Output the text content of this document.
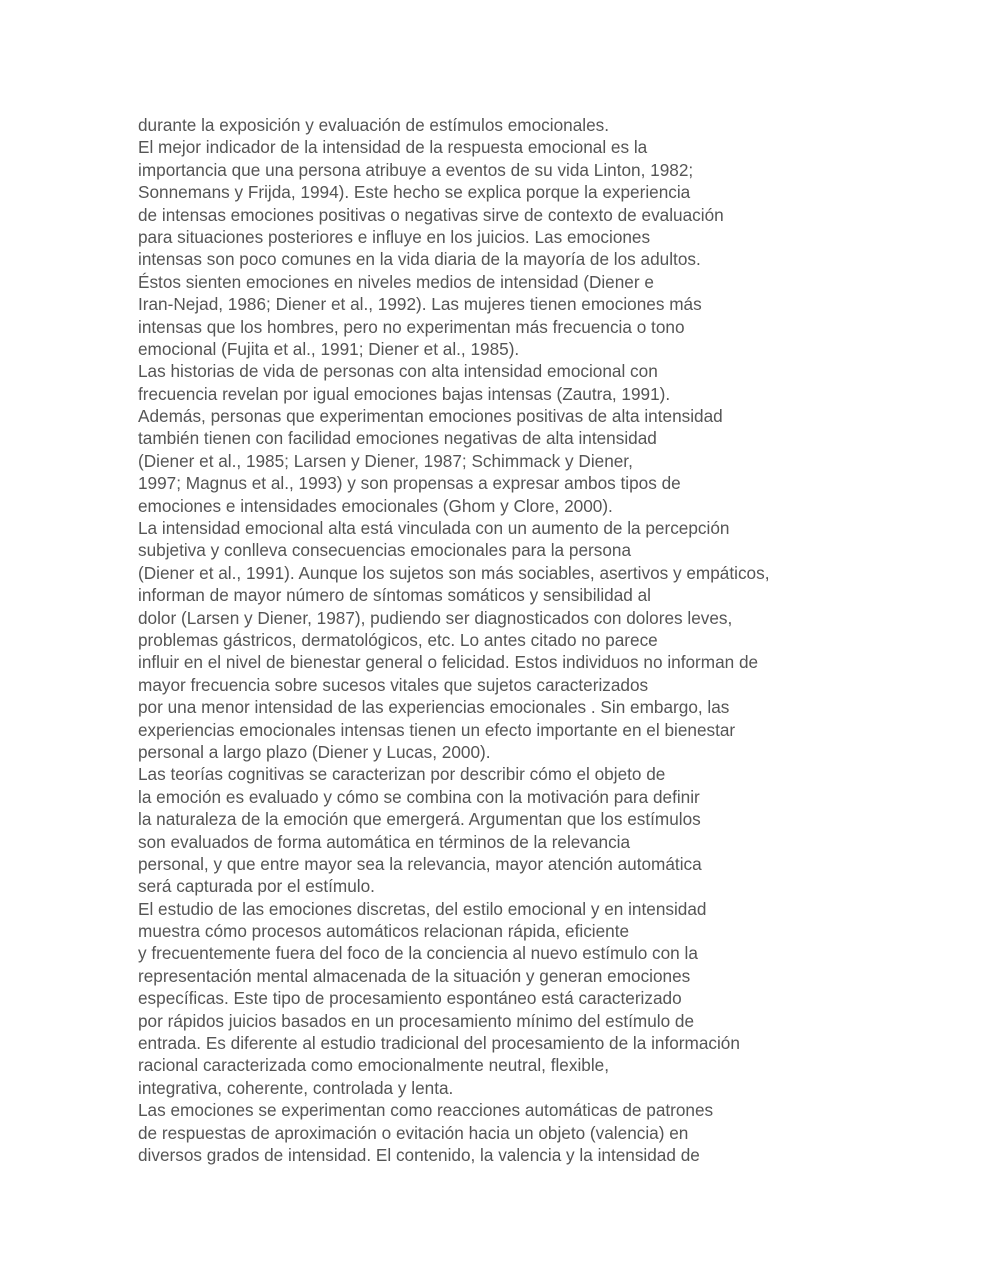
durante la exposición y evaluación de estímulos emocionales.
El mejor indicador de la intensidad de la respuesta emocional es la
importancia que una persona atribuye a eventos de su vida Linton, 1982;
Sonnemans y Frijda, 1994). Este hecho se explica porque la experiencia
de intensas emociones positivas o negativas sirve de contexto de evaluación
para situaciones posteriores e influye en los juicios. Las emociones
intensas son poco comunes en la vida diaria de la mayoría de los adultos.
Éstos sienten emociones en niveles medios de intensidad (Diener e
Iran-Nejad, 1986; Diener et al., 1992). Las mujeres tienen emociones más
intensas que los hombres, pero no experimentan más frecuencia o tono
emocional (Fujita et al., 1991; Diener et al., 1985).
Las historias de vida de personas con alta intensidad emocional con
frecuencia revelan por igual emociones bajas intensas (Zautra, 1991).
Además, personas que experimentan emociones positivas de alta intensidad
también tienen con facilidad emociones negativas de alta intensidad
(Diener et al., 1985; Larsen y Diener, 1987; Schimmack y Diener,
1997; Magnus et al., 1993) y son propensas a expresar ambos tipos de
emociones e intensidades emocionales (Ghom y Clore, 2000).
La intensidad emocional alta está vinculada con un aumento de la percepción
subjetiva y conlleva consecuencias emocionales para la persona
(Diener et al., 1991). Aunque los sujetos son más sociables, asertivos y empáticos,
informan de mayor número de síntomas somáticos y sensibilidad al
dolor (Larsen y Diener, 1987), pudiendo ser diagnosticados con dolores leves,
problemas gástricos, dermatológicos, etc. Lo antes citado no parece
influir en el nivel de bienestar general o felicidad. Estos individuos no informan de
mayor frecuencia sobre sucesos vitales que sujetos caracterizados
por una menor intensidad de las experiencias emocionales . Sin embargo, las
experiencias emocionales intensas tienen un efecto importante en el bienestar
personal a largo plazo (Diener y Lucas, 2000).
Las teorías cognitivas se caracterizan por describir cómo el objeto de
la emoción es evaluado y cómo se combina con la motivación para definir
la naturaleza de la emoción que emergerá. Argumentan que los estímulos
son evaluados de forma automática en términos de la relevancia
personal, y que entre mayor sea la relevancia, mayor atención automática
será capturada por el estímulo.
El estudio de las emociones discretas, del estilo emocional y en intensidad
muestra cómo procesos automáticos relacionan rápida, eficiente
y frecuentemente fuera del foco de la conciencia al nuevo estímulo con la
representación mental almacenada de la situación y generan emociones
específicas. Este tipo de procesamiento espontáneo está caracterizado
por rápidos juicios basados en un procesamiento mínimo del estímulo de
entrada. Es diferente al estudio tradicional del procesamiento de la información
racional caracterizada como emocionalmente neutral, flexible,
integrativa, coherente, controlada y lenta.
Las emociones se experimentan como reacciones automáticas de patrones
de respuestas de aproximación o evitación hacia un objeto (valencia) en
diversos grados de intensidad. El contenido, la valencia y la intensidad de
